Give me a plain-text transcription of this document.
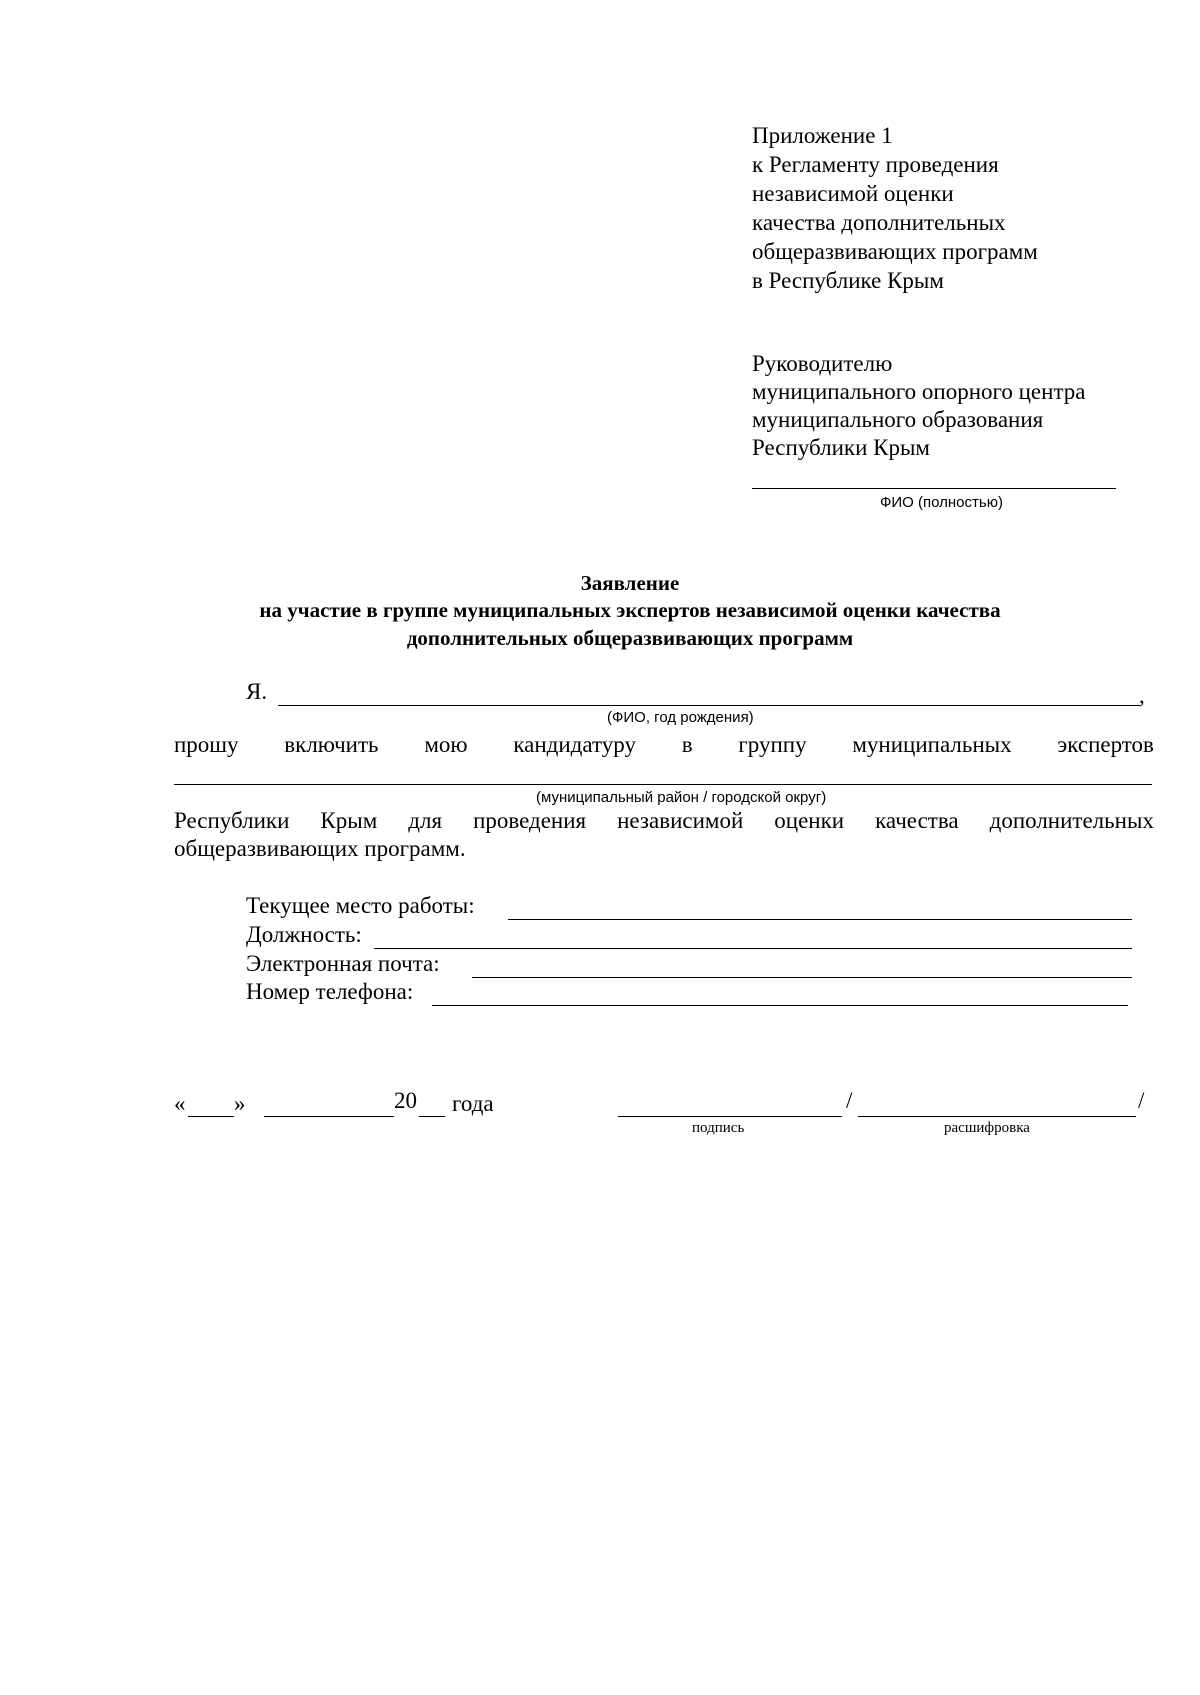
Приложение 1
к Регламенту проведения
независимой оценки
качества дополнительных
общеразвивающих программ
в Республике Крым
Руководителю
муниципального опорного центра
муниципального образования
Республики Крым
ФИО (полностью)
Заявление
на участие в группе муниципальных экспертов независимой оценки качества
дополнительных общеразвивающих программ
Я.	,
(ФИО, год рождения)
прошу включить мою кандидатуру в группу муниципальных экспертов
(муниципальный район / городской округ)
Республики Крым для проведения независимой оценки качества дополнительных
общеразвивающих программ.
Текущее место работы:
Должность:
Электронная почта:
Номер телефона:
« »	20 года	/	/
подпись	расшифровка
